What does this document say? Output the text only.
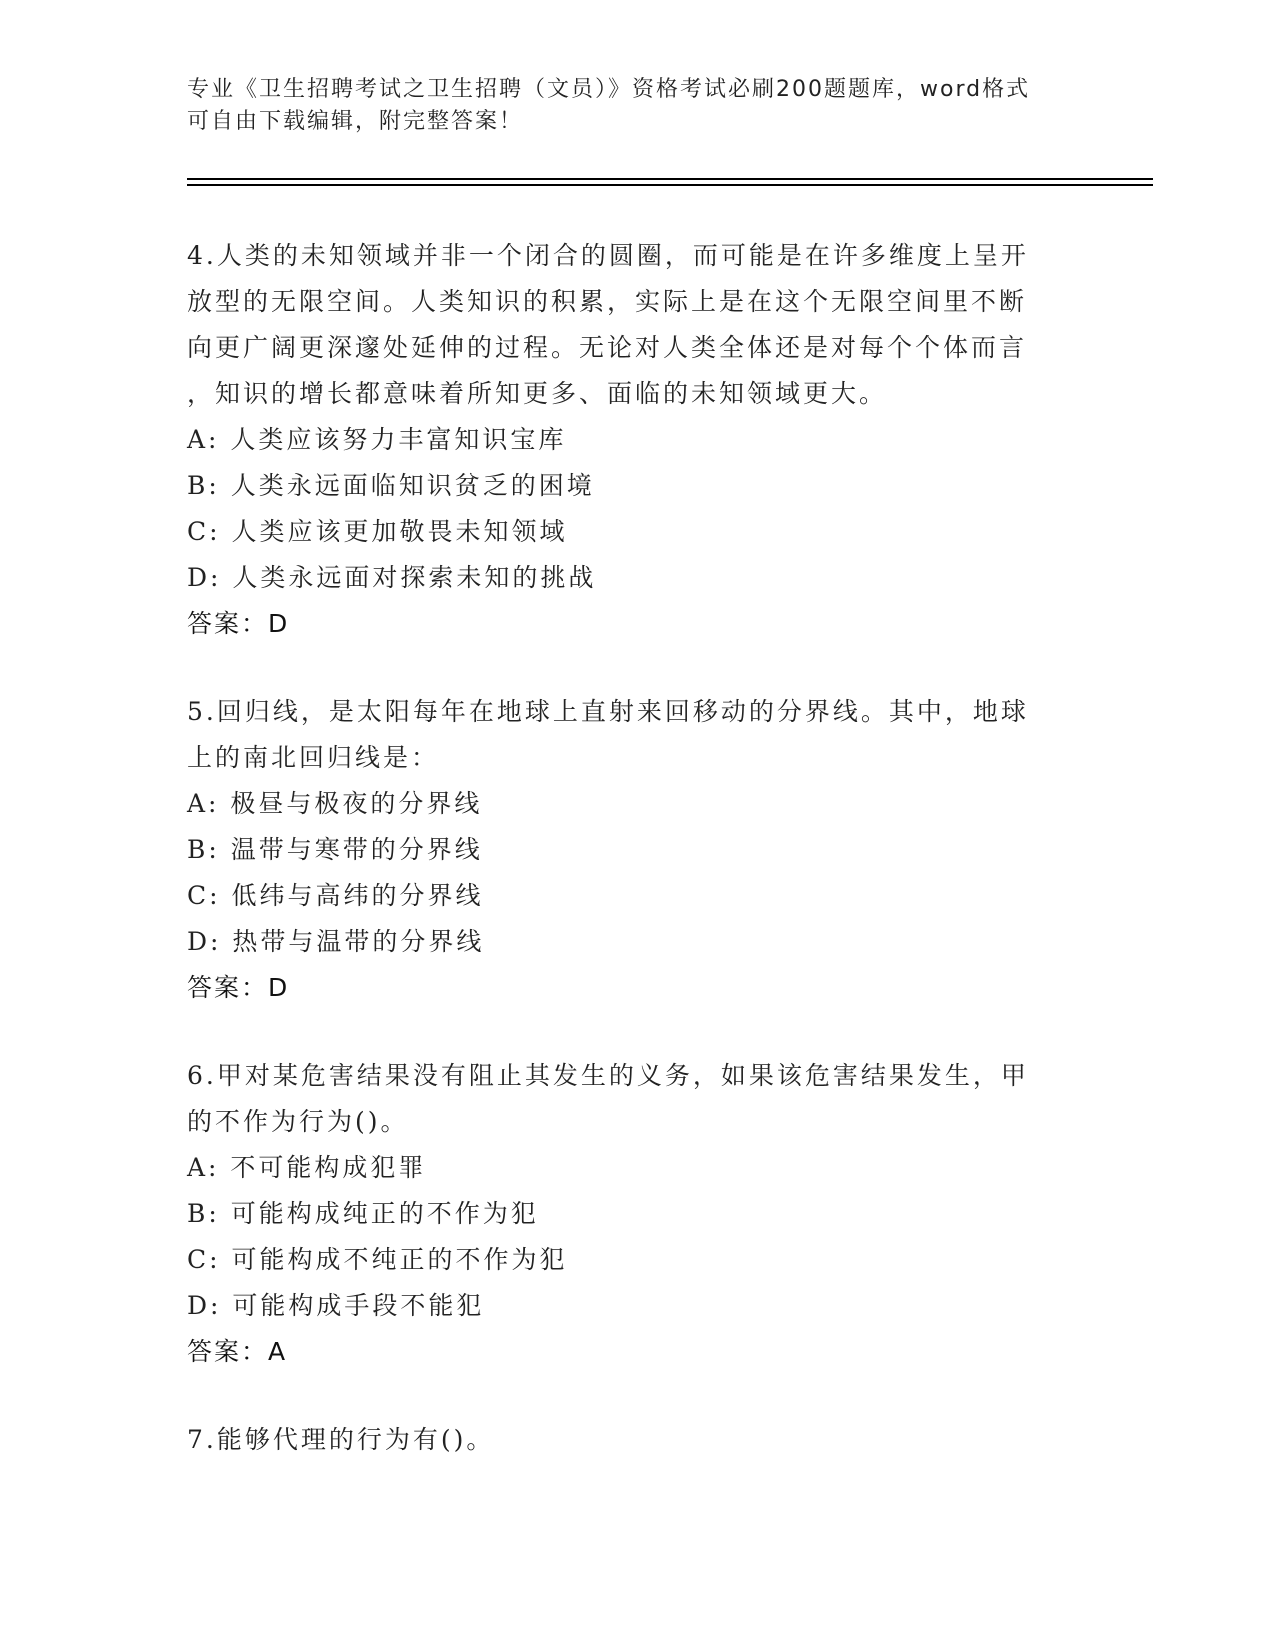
专业《卫生招聘考试之卫生招聘（文员）》资格考试必刷200题题库，word格式
可自由下载编辑，附完整答案！
4.人类的未知领域并非一个闭合的圆圈，而可能是在许多维度上呈开
放型的无限空间。人类知识的积累，实际上是在这个无限空间里不断
向更广阔更深邃处延伸的过程。无论对人类全体还是对每个个体而言
，知识的增长都意味着所知更多、面临的未知领域更大。
A: 人类应该努力丰富知识宝库
B: 人类永远面临知识贫乏的困境
C: 人类应该更加敬畏未知领域
D: 人类永远面对探索未知的挑战
答案：D
5.回归线，是太阳每年在地球上直射来回移动的分界线。其中，地球
上的南北回归线是：
A: 极昼与极夜的分界线
B: 温带与寒带的分界线
C: 低纬与高纬的分界线
D: 热带与温带的分界线
答案：D
6.甲对某危害结果没有阻止其发生的义务，如果该危害结果发生，甲
的不作为行为()。
A: 不可能构成犯罪
B: 可能构成纯正的不作为犯
C: 可能构成不纯正的不作为犯
D: 可能构成手段不能犯
答案：A
7.能够代理的行为有()。
